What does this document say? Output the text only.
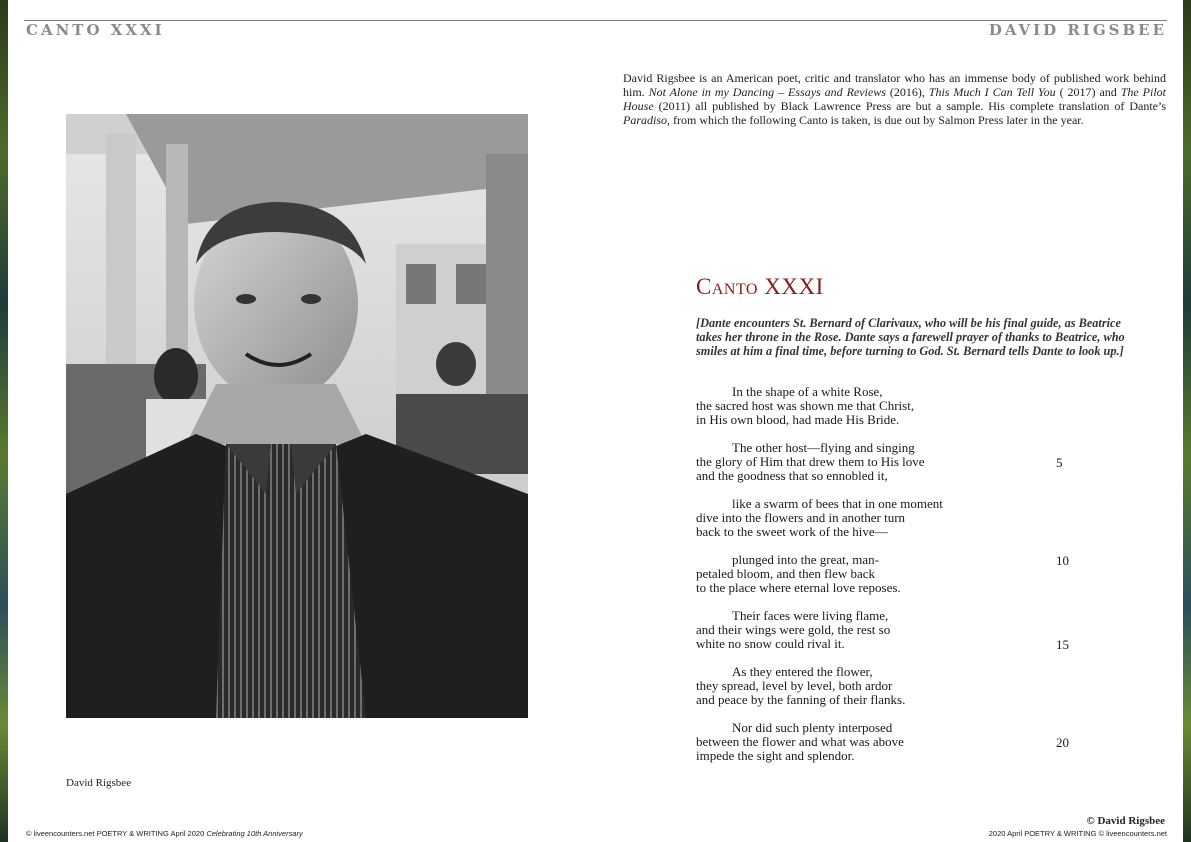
CANTO XXXI	DAVID RIGSBEE
David Rigsbee is an American poet, critic and translator who has an immense body of published work behind him. Not Alone in my Dancing – Essays and Reviews (2016), This Much I Can Tell You ( 2017) and The Pilot House (2011) all published by Black Lawrence Press are but a sample. His complete translation of Dante’s Paradiso, from which the following Canto is taken, is due out by Salmon Press later in the year.
David Rigsbee
Canto XXXI
[Dante encounters St. Bernard of Clarivaux, who will be his final guide, as Beatrice takes her throne in the Rose. Dante says a farewell prayer of thanks to Beatrice, who smiles at him a final time, before turning to God. St. Bernard tells Dante to look up.]
In the shape of a white Rose,
the sacred host was shown me that Christ,
in His own blood, had made His Bride.
The other host—flying and singing
the glory of Him that drew them to His love
and the goodness that so ennobled it,
like a swarm of bees that in one moment
dive into the flowers and in another turn
back to the sweet work of the hive—
plunged into the great, man-
petaled bloom, and then flew back
to the place where eternal love reposes.
Their faces were living flame,
and their wings were gold, the rest so
white no snow could rival it.
As they entered the flower,
they spread, level by level, both ardor
and peace by the fanning of their flanks.
Nor did such plenty interposed
between the flower and what was above
impede the sight and splendor.
5
10
15
20
© David Rigsbee
© liveencounters.net POETRY & WRITING April 2020 Celebrating 10th Anniversary	2020 April POETRY & WRITING © liveencounters.net
